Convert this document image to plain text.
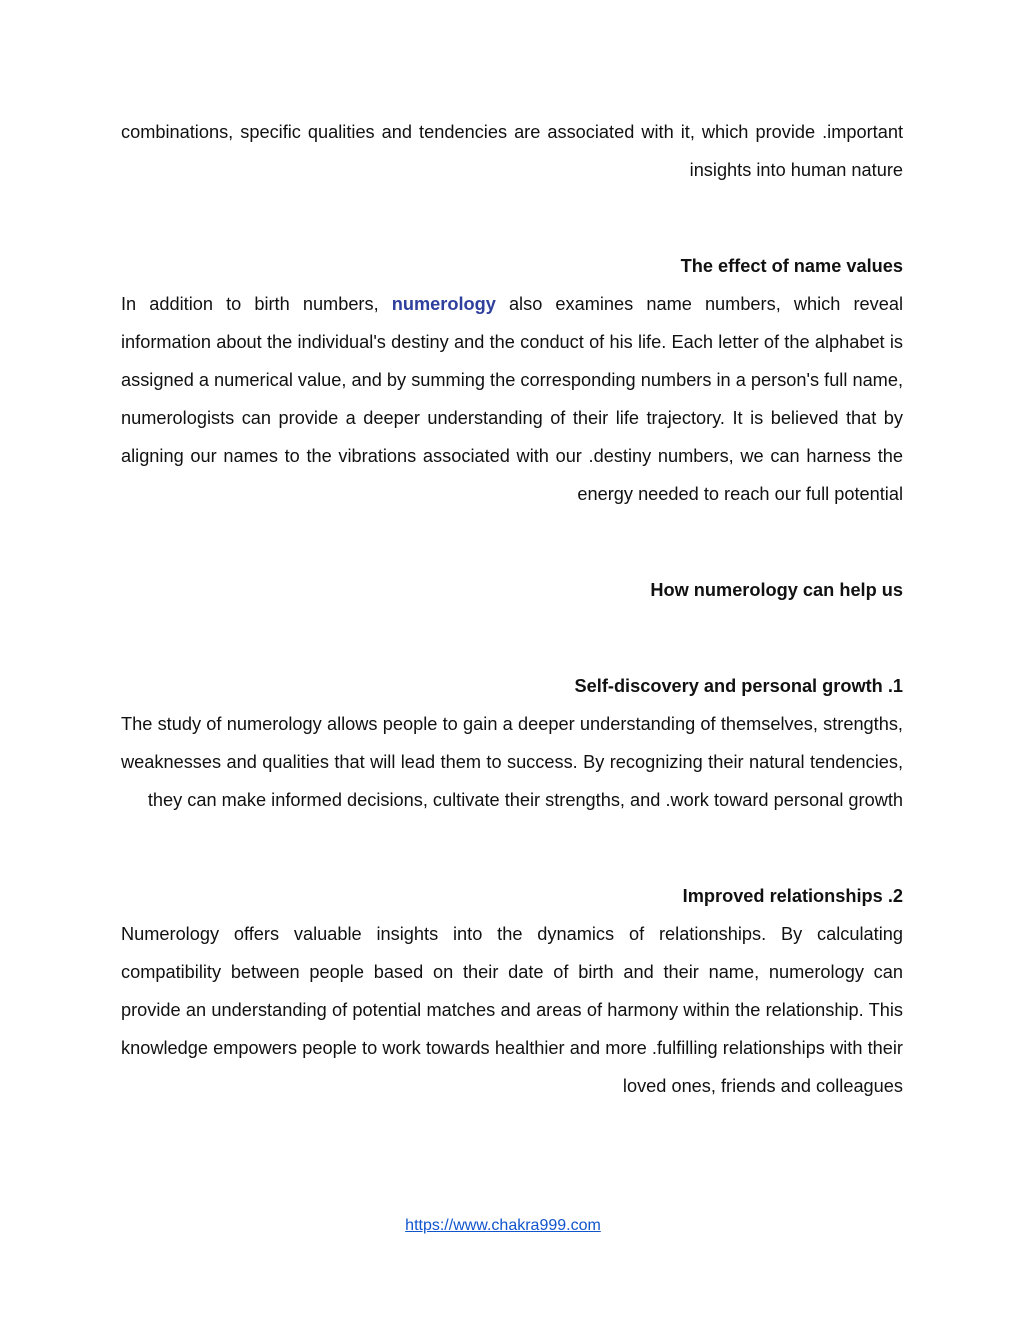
combinations, specific qualities and tendencies are associated with it, which provide .important insights into human nature

The effect of name values

In addition to birth numbers, numerology also examines name numbers, which reveal information about the individual's destiny and the conduct of his life. Each letter of the alphabet is assigned a numerical value, and by summing the corresponding numbers in a person's full name, numerologists can provide a deeper understanding of their life trajectory. It is believed that by aligning our names to the vibrations associated with our .destiny numbers, we can harness the energy needed to reach our full potential

How numerology can help us

Self-discovery and personal growth .1

The study of numerology allows people to gain a deeper understanding of themselves, strengths, weaknesses and qualities that will lead them to success. By recognizing their natural tendencies, they can make informed decisions, cultivate their strengths, and .work toward personal growth

Improved relationships .2

Numerology offers valuable insights into the dynamics of relationships. By calculating compatibility between people based on their date of birth and their name, numerology can provide an understanding of potential matches and areas of harmony within the relationship. This knowledge empowers people to work towards healthier and more .fulfilling relationships with their loved ones, friends and colleagues

https://www.chakra999.com
